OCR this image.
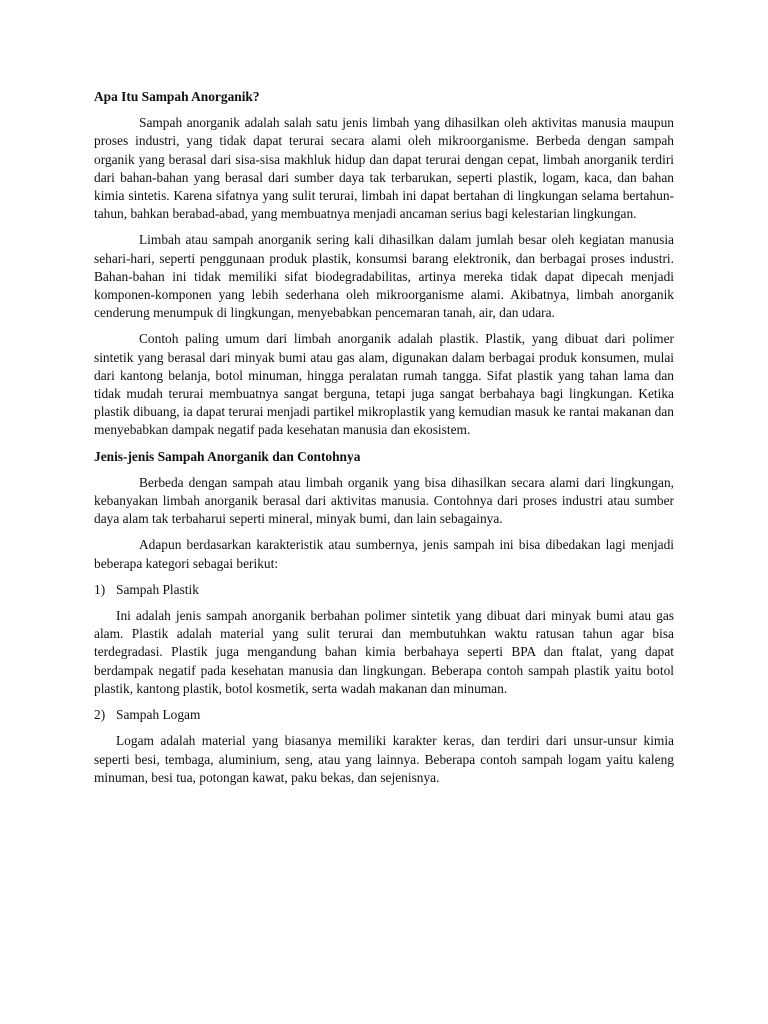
Apa Itu Sampah Anorganik?

Sampah anorganik adalah salah satu jenis limbah yang dihasilkan oleh aktivitas manusia maupun proses industri, yang tidak dapat terurai secara alami oleh mikroorganisme. Berbeda dengan sampah organik yang berasal dari sisa-sisa makhluk hidup dan dapat terurai dengan cepat, limbah anorganik terdiri dari bahan-bahan yang berasal dari sumber daya tak terbarukan, seperti plastik, logam, kaca, dan bahan kimia sintetis. Karena sifatnya yang sulit terurai, limbah ini dapat bertahan di lingkungan selama bertahun-tahun, bahkan berabad-abad, yang membuatnya menjadi ancaman serius bagi kelestarian lingkungan.

Limbah atau sampah anorganik sering kali dihasilkan dalam jumlah besar oleh kegiatan manusia sehari-hari, seperti penggunaan produk plastik, konsumsi barang elektronik, dan berbagai proses industri. Bahan-bahan ini tidak memiliki sifat biodegradabilitas, artinya mereka tidak dapat dipecah menjadi komponen-komponen yang lebih sederhana oleh mikroorganisme alami. Akibatnya, limbah anorganik cenderung menumpuk di lingkungan, menyebabkan pencemaran tanah, air, dan udara.

Contoh paling umum dari limbah anorganik adalah plastik. Plastik, yang dibuat dari polimer sintetik yang berasal dari minyak bumi atau gas alam, digunakan dalam berbagai produk konsumen, mulai dari kantong belanja, botol minuman, hingga peralatan rumah tangga. Sifat plastik yang tahan lama dan tidak mudah terurai membuatnya sangat berguna, tetapi juga sangat berbahaya bagi lingkungan. Ketika plastik dibuang, ia dapat terurai menjadi partikel mikroplastik yang kemudian masuk ke rantai makanan dan menyebabkan dampak negatif pada kesehatan manusia dan ekosistem.

Jenis-jenis Sampah Anorganik dan Contohnya

Berbeda dengan sampah atau limbah organik yang bisa dihasilkan secara alami dari lingkungan, kebanyakan limbah anorganik berasal dari aktivitas manusia. Contohnya dari proses industri atau sumber daya alam tak terbaharui seperti mineral, minyak bumi, dan lain sebagainya.

Adapun berdasarkan karakteristik atau sumbernya, jenis sampah ini bisa dibedakan lagi menjadi beberapa kategori sebagai berikut:

1) Sampah Plastik

Ini adalah jenis sampah anorganik berbahan polimer sintetik yang dibuat dari minyak bumi atau gas alam. Plastik adalah material yang sulit terurai dan membutuhkan waktu ratusan tahun agar bisa terdegradasi. Plastik juga mengandung bahan kimia berbahaya seperti BPA dan ftalat, yang dapat berdampak negatif pada kesehatan manusia dan lingkungan. Beberapa contoh sampah plastik yaitu botol plastik, kantong plastik, botol kosmetik, serta wadah makanan dan minuman.

2) Sampah Logam

Logam adalah material yang biasanya memiliki karakter keras, dan terdiri dari unsur-unsur kimia seperti besi, tembaga, aluminium, seng, atau yang lainnya. Beberapa contoh sampah logam yaitu kaleng minuman, besi tua, potongan kawat, paku bekas, dan sejenisnya.
